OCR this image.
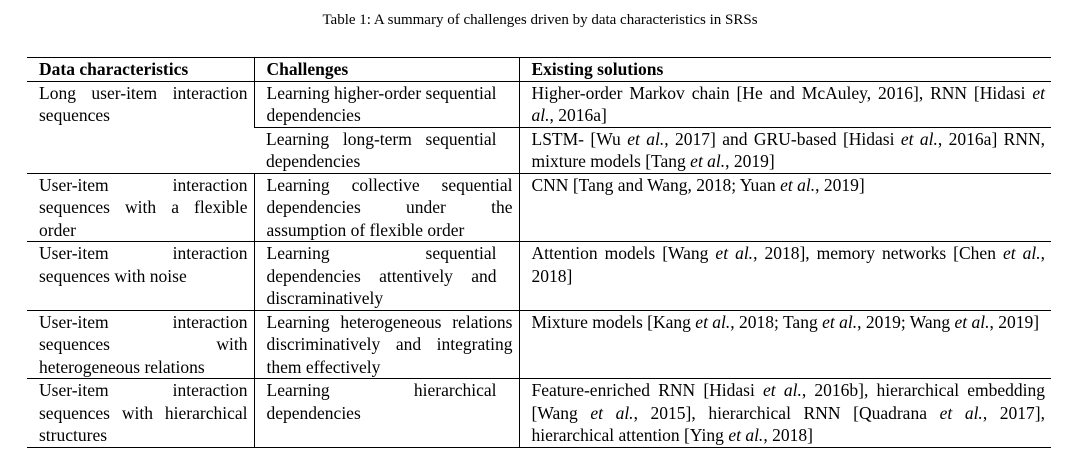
Table 1: A summary of challenges driven by data characteristics in SRSs
Data characteristics	Challenges	Existing solutions
Long user-item interaction sequences	Learning higher-order sequential dependencies	Higher-order Markov chain [He and McAuley, 2016], RNN [Hidasi et al., 2016a]
	Learning long-term sequential dependencies	LSTM- [Wu et al., 2017] and GRU-based [Hidasi et al., 2016a] RNN, mixture models [Tang et al., 2019]
User-item interaction sequences with a flexible order	Learning collective sequential dependencies under the assumption of flexible order	CNN [Tang and Wang, 2018; Yuan et al., 2019]
User-item interaction sequences with noise	Learning sequential dependencies attentively and discraminatively	Attention models [Wang et al., 2018], memory networks [Chen et al., 2018]
User-item interaction sequences with heterogeneous relations	Learning heterogeneous relations discriminatively and integrating them effectively	Mixture models [Kang et al., 2018; Tang et al., 2019; Wang et al., 2019]
User-item interaction sequences with hierarchical structures	Learning hierarchical dependencies	Feature-enriched RNN [Hidasi et al., 2016b], hierarchical embedding [Wang et al., 2015], hierarchical RNN [Quadrana et al., 2017], hierarchical attention [Ying et al., 2018]
